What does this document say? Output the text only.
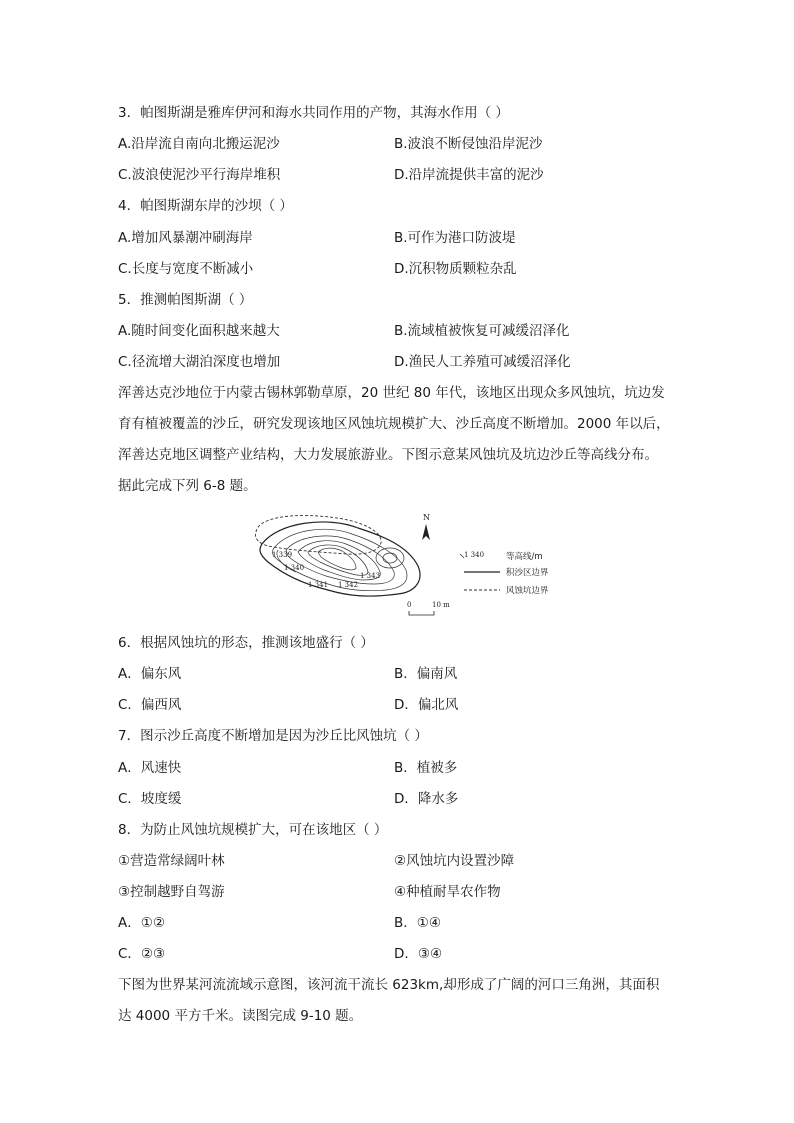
3．帕图斯湖是雅库伊河和海水共同作用的产物，其海水作用（ ）
A.沿岸流自南向北搬运泥沙	B.波浪不断侵蚀沿岸泥沙
C.波浪使泥沙平行海岸堆积	D.沿岸流提供丰富的泥沙
4．帕图斯湖东岸的沙坝（ ）
A.增加风暴潮冲刷海岸	B.可作为港口防波堤
C.长度与宽度不断减小	D.沉积物质颗粒杂乱
5．推测帕图斯湖（ ）
A.随时间变化面积越来越大	B.流域植被恢复可减缓沼泽化
C.径流增大湖泊深度也增加	D.渔民人工养殖可减缓沼泽化
浑善达克沙地位于内蒙古锡林郭勒草原，20 世纪 80 年代，该地区出现众多风蚀坑，坑边发
育有植被覆盖的沙丘，研究发现该地区风蚀坑规模扩大、沙丘高度不断增加。2000 年以后，
浑善达克地区调整产业结构，大力发展旅游业。下图示意某风蚀坑及坑边沙丘等高线分布。
据此完成下列 6-8 题。
1 339
1 340
1 341 1 342
1 343
N
1 340	等高线/m
积沙区边界
风蚀坑边界
0	10 m
6．根据风蚀坑的形态，推测该地盛行（ ）
A．偏东风	B．偏南风
C．偏西风	D．偏北风
7．图示沙丘高度不断增加是因为沙丘比风蚀坑（ ）
A．风速快	B．植被多
C．坡度缓	D．降水多
8．为防止风蚀坑规模扩大，可在该地区（ ）
①营造常绿阔叶林	②风蚀坑内设置沙障
③控制越野自驾游	④种植耐旱农作物
A．①②	B．①④
C．②③	D．③④
下图为世界某河流流域示意图，该河流干流长 623km,却形成了广阔的河口三角洲，其面积
达 4000 平方千米。读图完成 9-10 题。
